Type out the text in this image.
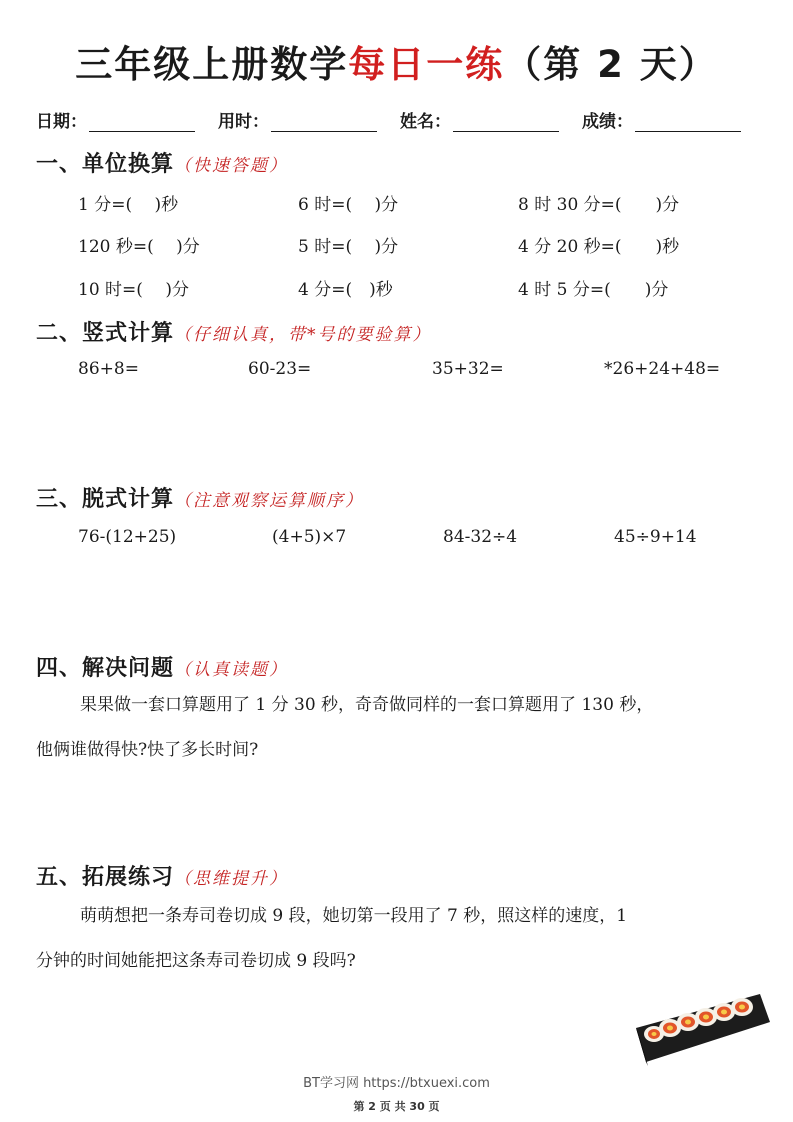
三年级上册数学每日一练（第 2 天）
日期：	用时：	姓名：	成绩：
一、单位换算（快速答题）
1 分=(　 )秒	6 时=(　 )分	8 时 30 分=(　　)分
120 秒=(　 )分	5 时=(　 )分	4 分 20 秒=(　　)秒
10 时=(　 )分	4 分=(　)秒	4 时 5 分=(　　)分
二、竖式计算（仔细认真，带*号的要验算）
86+8=	60-23=	35+32=	*26+24+48=
三、脱式计算（注意观察运算顺序）
76-(12+25)	(4+5)×7	84-32÷4	45÷9+14
四、解决问题（认真读题）
果果做一套口算题用了 1 分 30 秒，奇奇做同样的一套口算题用了 130 秒，
他俩谁做得快?快了多长时间?
五、拓展练习（思维提升）
萌萌想把一条寿司卷切成 9 段，她切第一段用了 7 秒，照这样的速度，1
分钟的时间她能把这条寿司卷切成 9 段吗?
BT学习网 https://btxuexi.com
第 2 页 共 30 页
